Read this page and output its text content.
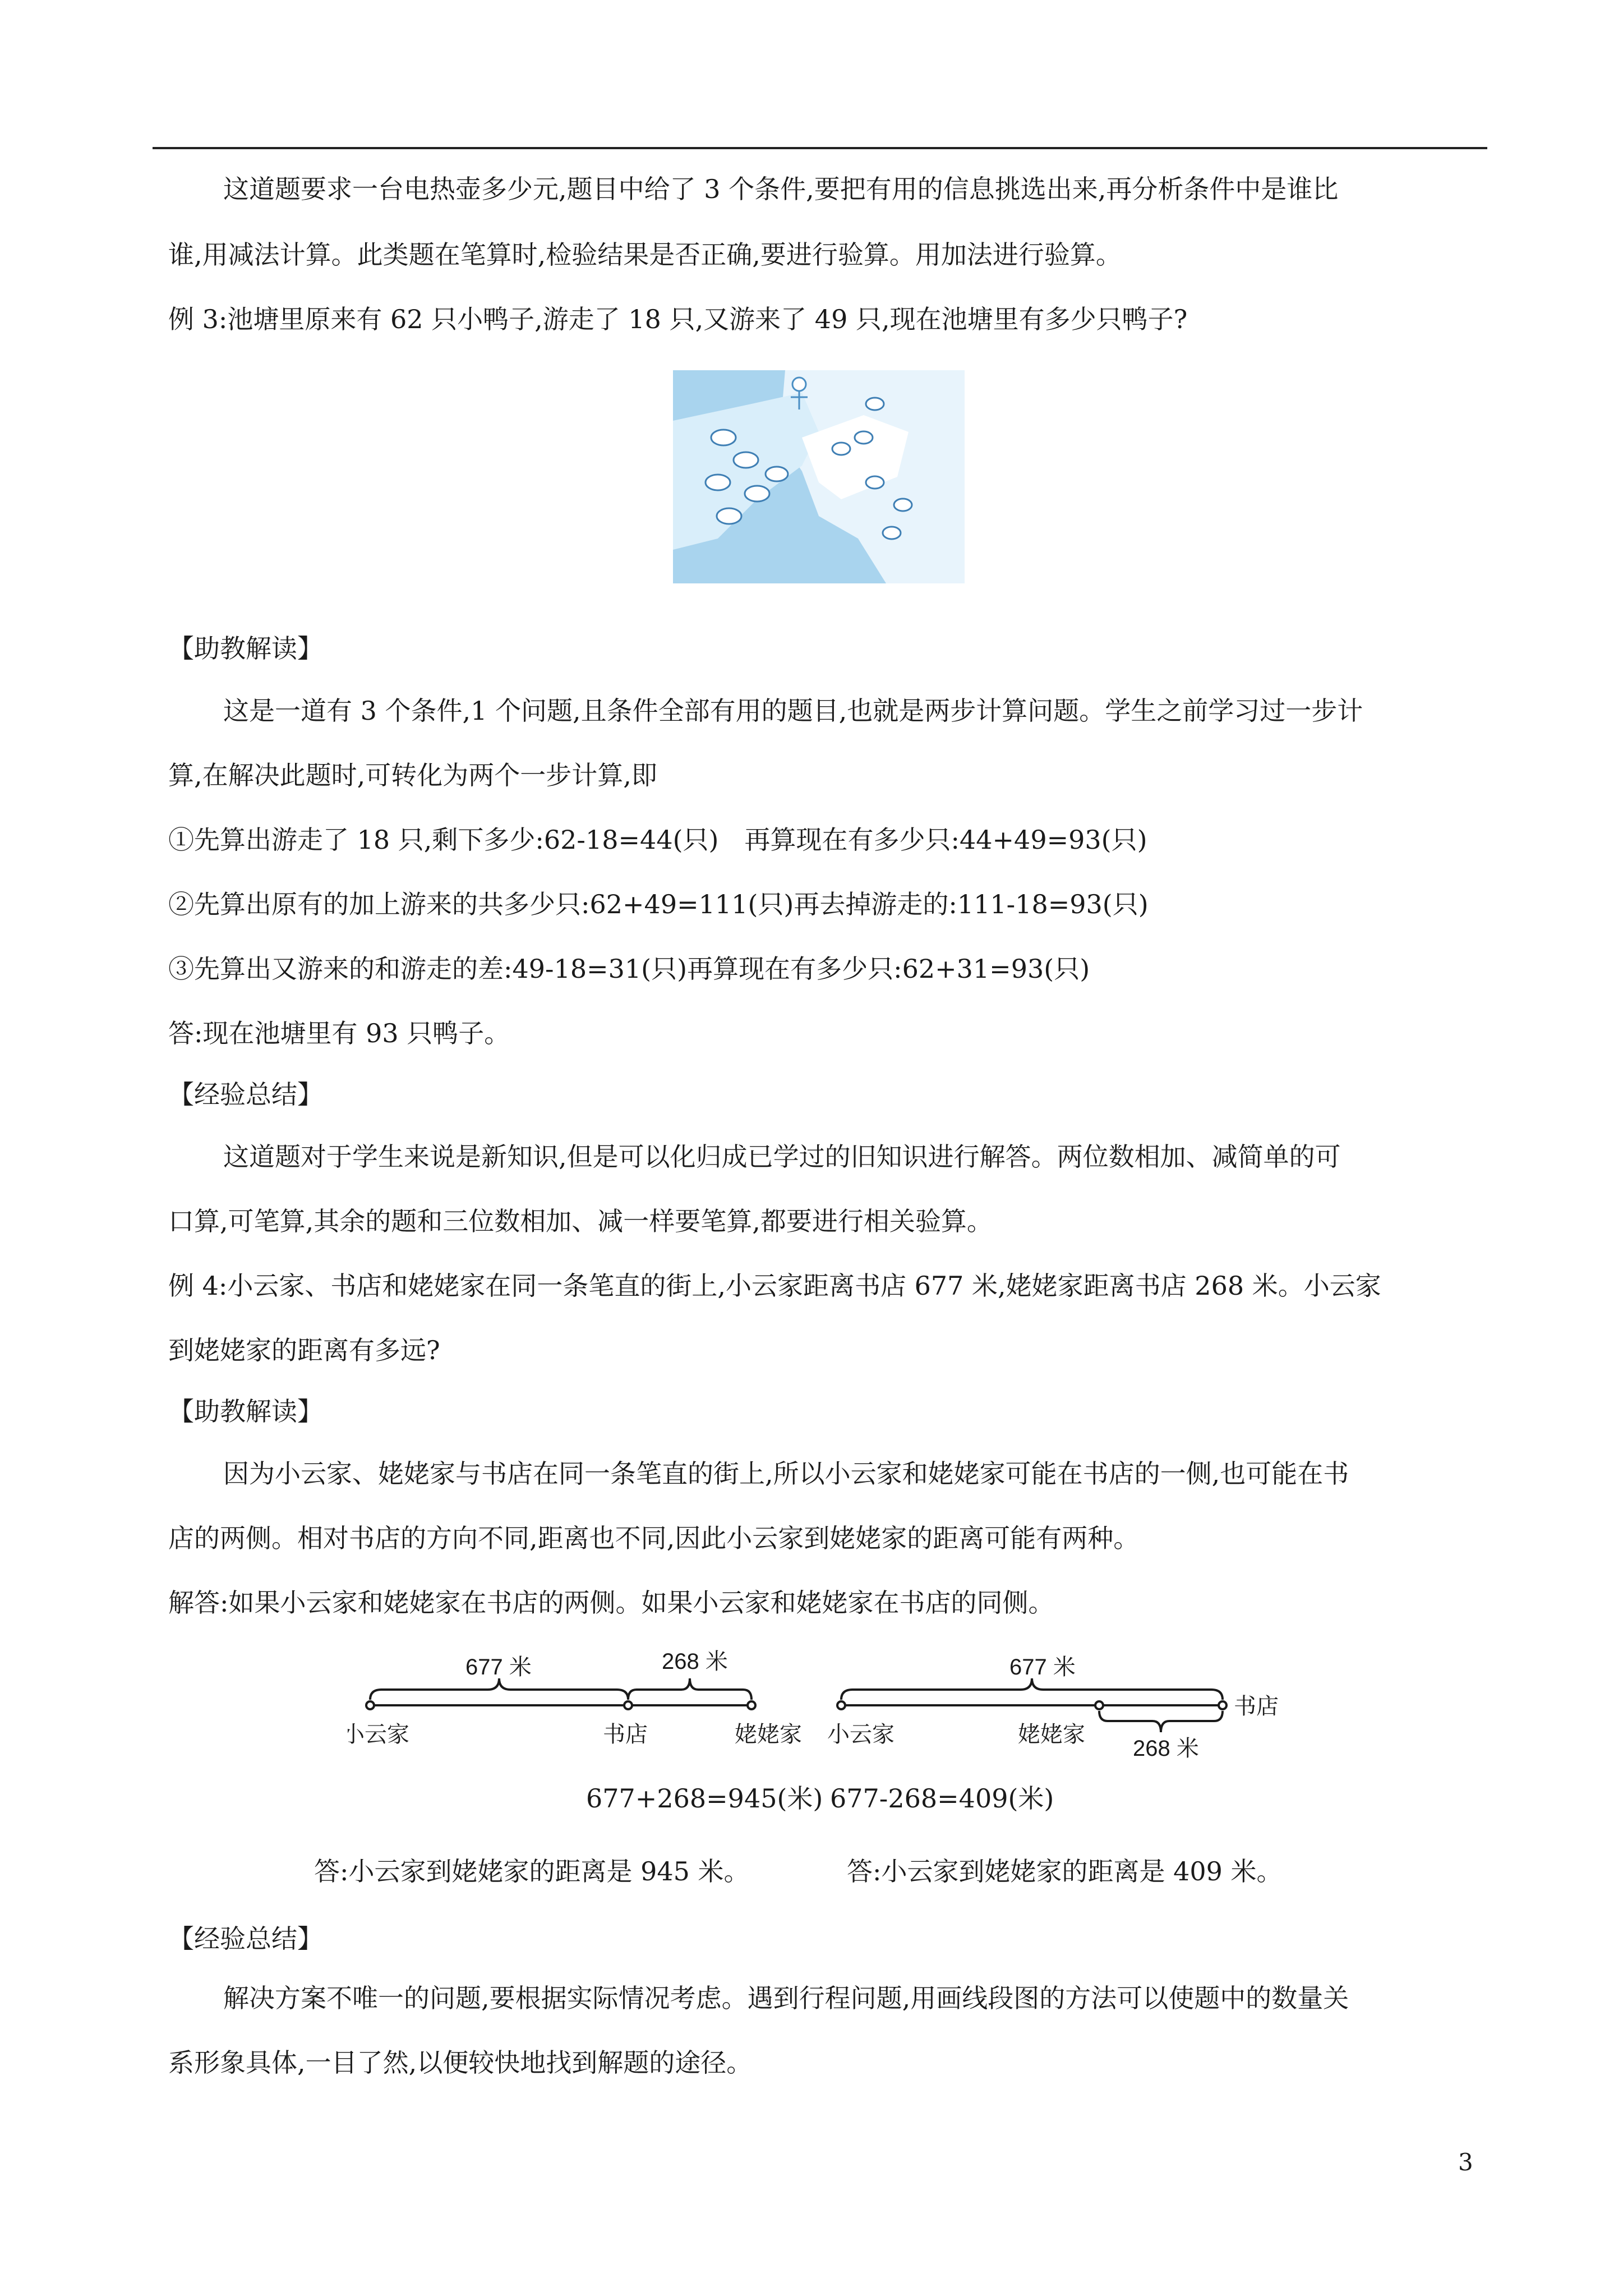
这道题要求一台电热壶多少元,题目中给了 3 个条件,要把有用的信息挑选出来,再分析条件中是谁比

谁,用减法计算。此类题在笔算时,检验结果是否正确,要进行验算。用加法进行验算。

例 3:池塘里原来有 62 只小鸭子,游走了 18 只,又游来了 49 只,现在池塘里有多少只鸭子?

【助教解读】

这是一道有 3 个条件,1 个问题,且条件全部有用的题目,也就是两步计算问题。学生之前学习过一步计

算,在解决此题时,可转化为两个一步计算,即

①先算出游走了 18 只,剩下多少:62-18=44(只)　再算现在有多少只:44+49=93(只)

②先算出原有的加上游来的共多少只:62+49=111(只)再去掉游走的:111-18=93(只)

③先算出又游来的和游走的差:49-18=31(只)再算现在有多少只:62+31=93(只)

答:现在池塘里有 93 只鸭子。

【经验总结】

这道题对于学生来说是新知识,但是可以化归成已学过的旧知识进行解答。两位数相加、减简单的可

口算,可笔算,其余的题和三位数相加、减一样要笔算,都要进行相关验算。

例 4:小云家、书店和姥姥家在同一条笔直的街上,小云家距离书店 677 米,姥姥家距离书店 268 米。小云家

到姥姥家的距离有多远?

【助教解读】

因为小云家、姥姥家与书店在同一条笔直的街上,所以小云家和姥姥家可能在书店的一侧,也可能在书

店的两侧。相对书店的方向不同,距离也不同,因此小云家到姥姥家的距离可能有两种。

解答:如果小云家和姥姥家在书店的两侧。如果小云家和姥姥家在书店的同侧。

677 米	268 米
小云家	书店	姥姥家
677 米
268 米
小云家	姥姥家
书店
677+268=945(米) 677-268=409(米)
答:小云家到姥姥家的距离是 945 米。	答:小云家到姥姥家的距离是 409 米。

【经验总结】

解决方案不唯一的问题,要根据实际情况考虑。遇到行程问题,用画线段图的方法可以使题中的数量关

系形象具体,一目了然,以便较快地找到解题的途径。

3
